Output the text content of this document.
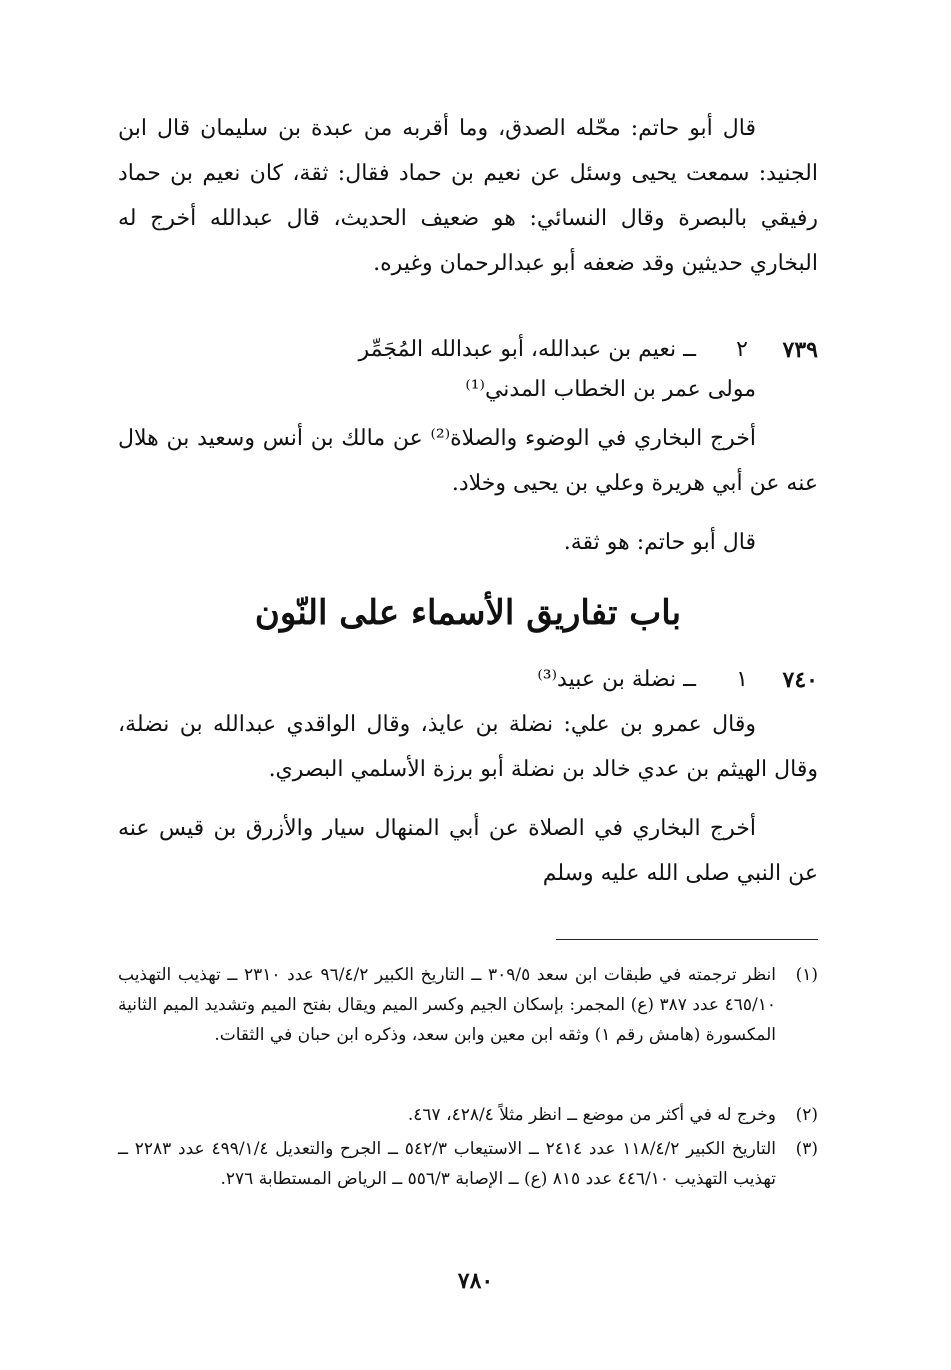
قال أبو حاتم: محّله الصدق، وما أقربه من عبدة بن سليمان قال ابن الجنيد: سمعت يحيى وسئل عن نعيم بن حماد فقال: ثقة، كان نعيم بن حماد رفيقي بالبصرة وقال النسائي: هو ضعيف الحديث، قال عبدالله أخرج له البخاري حديثين وقد ضعفه أبو عبدالرحمان وغيره.

٧٣٩
٢
ــ نعيم بن عبدالله، أبو عبدالله المُجَمِّر
مولى عمر بن الخطاب المدني⁽¹⁾

أخرج البخاري في الوضوء والصلاة⁽²⁾ عن مالك بن أنس وسعيد بن هلال عنه عن أبي هريرة وعلي بن يحيى وخلاد.

قال أبو حاتم: هو ثقة.

باب تفاريق الأسماء على النّون
٧٤٠
١
ــ نضلة بن عبيد⁽³⁾

وقال عمرو بن علي: نضلة بن عايذ، وقال الواقدي عبدالله بن نضلة، وقال الهيثم بن عدي خالد بن نضلة أبو برزة الأسلمي البصري.

أخرج البخاري في الصلاة عن أبي المنهال سيار والأزرق بن قيس عنه عن النبي صلى الله عليه وسلم

(١)
انظر ترجمته في طبقات ابن سعد ٣٠٩/٥ ــ التاريخ الكبير ٩٦/٤/٢ عدد ٢٣١٠ ــ تهذيب التهذيب ٤٦٥/١٠ عدد ٣٨٧ (ع) المجمر: بإسكان الجيم وكسر الميم ويقال بفتح الميم وتشديد الميم الثانية المكسورة (هامش رقم ١) وثقه ابن معين وابن سعد، وذكره ابن حبان في الثقات.
(٢)
وخرج له في أكثر من موضع ــ انظر مثلاً ٤٢٨/٤، ٤٦٧.
(٣)
التاريخ الكبير ١١٨/٤/٢ عدد ٢٤١٤ ــ الاستيعاب ٥٤٢/٣ ــ الجرح والتعديل ٤٩٩/١/٤ عدد ٢٢٨٣ ــ تهذيب التهذيب ٤٤٦/١٠ عدد ٨١٥ (ع) ــ الإصابة ٥٥٦/٣ ــ الرياض المستطابة ٢٧٦.
٧٨٠
